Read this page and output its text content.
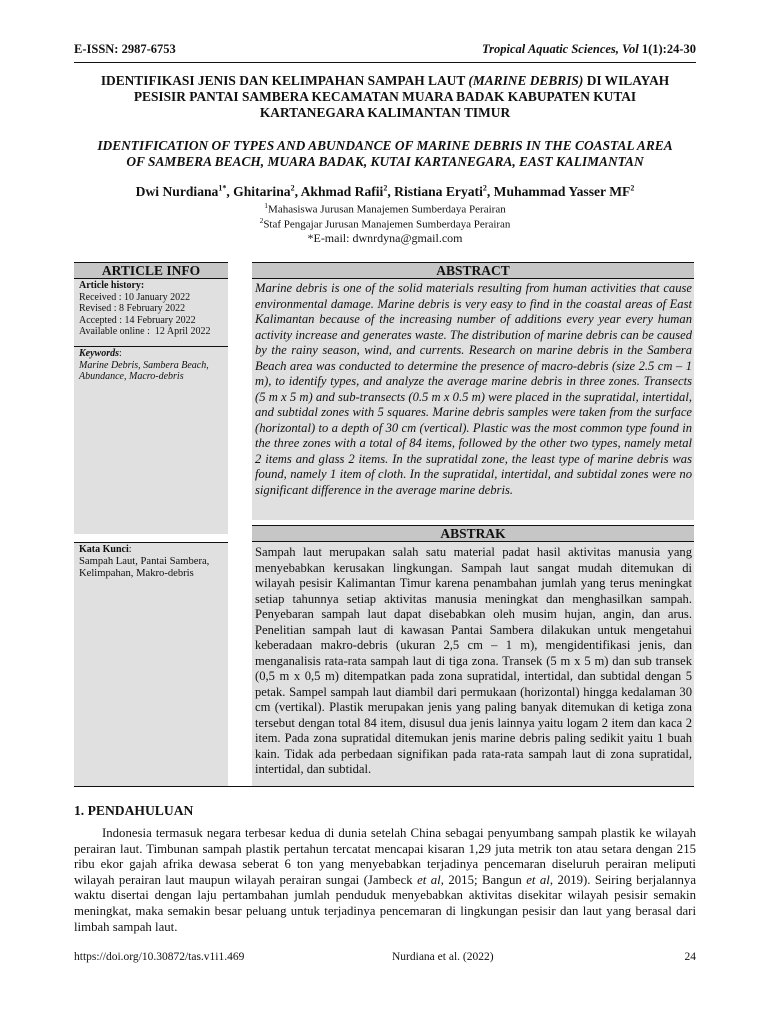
E-ISSN: 2987-6753	Tropical Aquatic Sciences, Vol 1(1):24-30
IDENTIFIKASI JENIS DAN KELIMPAHAN SAMPAH LAUT (MARINE DEBRIS) DI WILAYAH
PESISIR PANTAI SAMBERA KECAMATAN MUARA BADAK KABUPATEN KUTAI
KARTANEGARA KALIMANTAN TIMUR
IDENTIFICATION OF TYPES AND ABUNDANCE OF MARINE DEBRIS IN THE COASTAL AREA
OF SAMBERA BEACH, MUARA BADAK, KUTAI KARTANEGARA, EAST KALIMANTAN
Dwi Nurdiana$^{1*}$, Ghitarina$^2$, Akhmad Rafii$^2$, Ristiana Eryati$^2$, Muhammad Yasser $MF^2$
$^1$Mahasiswa Jurusan Manajemen Sumberdaya Perairan
$^2$Staf Pengajar Jurusan Manajemen Sumberdaya Perairan
*E-mail: dwnrdyna@gmail.com
ARTICLE INFO
Article history:
Received : 10 January 2022
Revised : 8 February 2022
Accepted : 14 February 2022
Available online :  12 April 2022
Keywords:
Marine Debris, Sambera Beach, Abundance, Macro-debris
Kata Kunci:
Sampah Laut, Pantai Sambera, Kelimpahan, Makro-debris
ABSTRACT
Marine debris is one of the solid materials resulting from human activities that cause environmental damage. Marine debris is very easy to find in the coastal areas of East Kalimantan because of the increasing number of additions every year every human activity increase and generates waste. The distribution of marine debris can be caused by the rainy season, wind, and currents. Research on marine debris in the Sambera Beach area was conducted to determine the presence of macro-debris (size 2.5 cm – 1 m), to identify types, and analyze the average marine debris in three zones. Transects (5 m x 5 m) and sub-transects (0.5 m x 0.5 m) were placed in the supratidal, intertidal, and subtidal zones with 5 squares. Marine debris samples were taken from the surface (horizontal) to a depth of 30 cm (vertical). Plastic was the most common type found in the three zones with a total of 84 items, followed by the other two types, namely metal 2 items and glass 2 items. In the supratidal zone, the least type of marine debris was found, namely 1 item of cloth. In the supratidal, intertidal, and subtidal zones were no significant difference in the average marine debris.
ABSTRAK
Sampah laut merupakan salah satu material padat hasil aktivitas manusia yang menyebabkan kerusakan lingkungan. Sampah laut sangat mudah ditemukan di wilayah pesisir Kalimantan Timur karena penambahan jumlah yang terus meningkat setiap tahunnya setiap aktivitas manusia meningkat dan menghasilkan sampah. Penyebaran sampah laut dapat disebabkan oleh musim hujan, angin, dan arus. Penelitian sampah laut di kawasan Pantai Sambera dilakukan untuk mengetahui keberadaan makro-debris (ukuran 2,5 cm – 1 m), mengidentifikasi jenis, dan menganalisis rata-rata sampah laut di tiga zona. Transek (5 m x 5 m) dan sub transek (0,5 m x 0,5 m) ditempatkan pada zona supratidal, intertidal, dan subtidal dengan 5 petak. Sampel sampah laut diambil dari permukaan (horizontal) hingga kedalaman 30 cm (vertikal). Plastik merupakan jenis yang paling banyak ditemukan di ketiga zona tersebut dengan total 84 item, disusul dua jenis lainnya yaitu logam 2 item dan kaca 2 item. Pada zona supratidal ditemukan jenis marine debris paling sedikit yaitu 1 buah kain. Tidak ada perbedaan signifikan pada rata-rata sampah laut di zona supratidal, intertidal, dan subtidal.
1. PENDAHULUAN
Indonesia termasuk negara terbesar kedua di dunia setelah China sebagai penyumbang sampah plastik ke wilayah perairan laut. Timbunan sampah plastik pertahun tercatat mencapai kisaran 1,29 juta metrik ton atau setara dengan 215 ribu ekor gajah afrika dewasa seberat 6 ton yang menyebabkan terjadinya pencemaran diseluruh perairan meliputi wilayah perairan laut maupun wilayah perairan sungai (Jambeck et al, 2015; Bangun et al, 2019). Seiring berjalannya waktu disertai dengan laju pertambahan jumlah penduduk menyebabkan aktivitas disekitar wilayah pesisir semakin meningkat, maka semakin besar peluang untuk terjadinya pencemaran di lingkungan pesisir dan laut yang berasal dari limbah sampah laut.
https://doi.org/10.30872/tas.v1i1.469	Nurdiana et al. (2022)	24
